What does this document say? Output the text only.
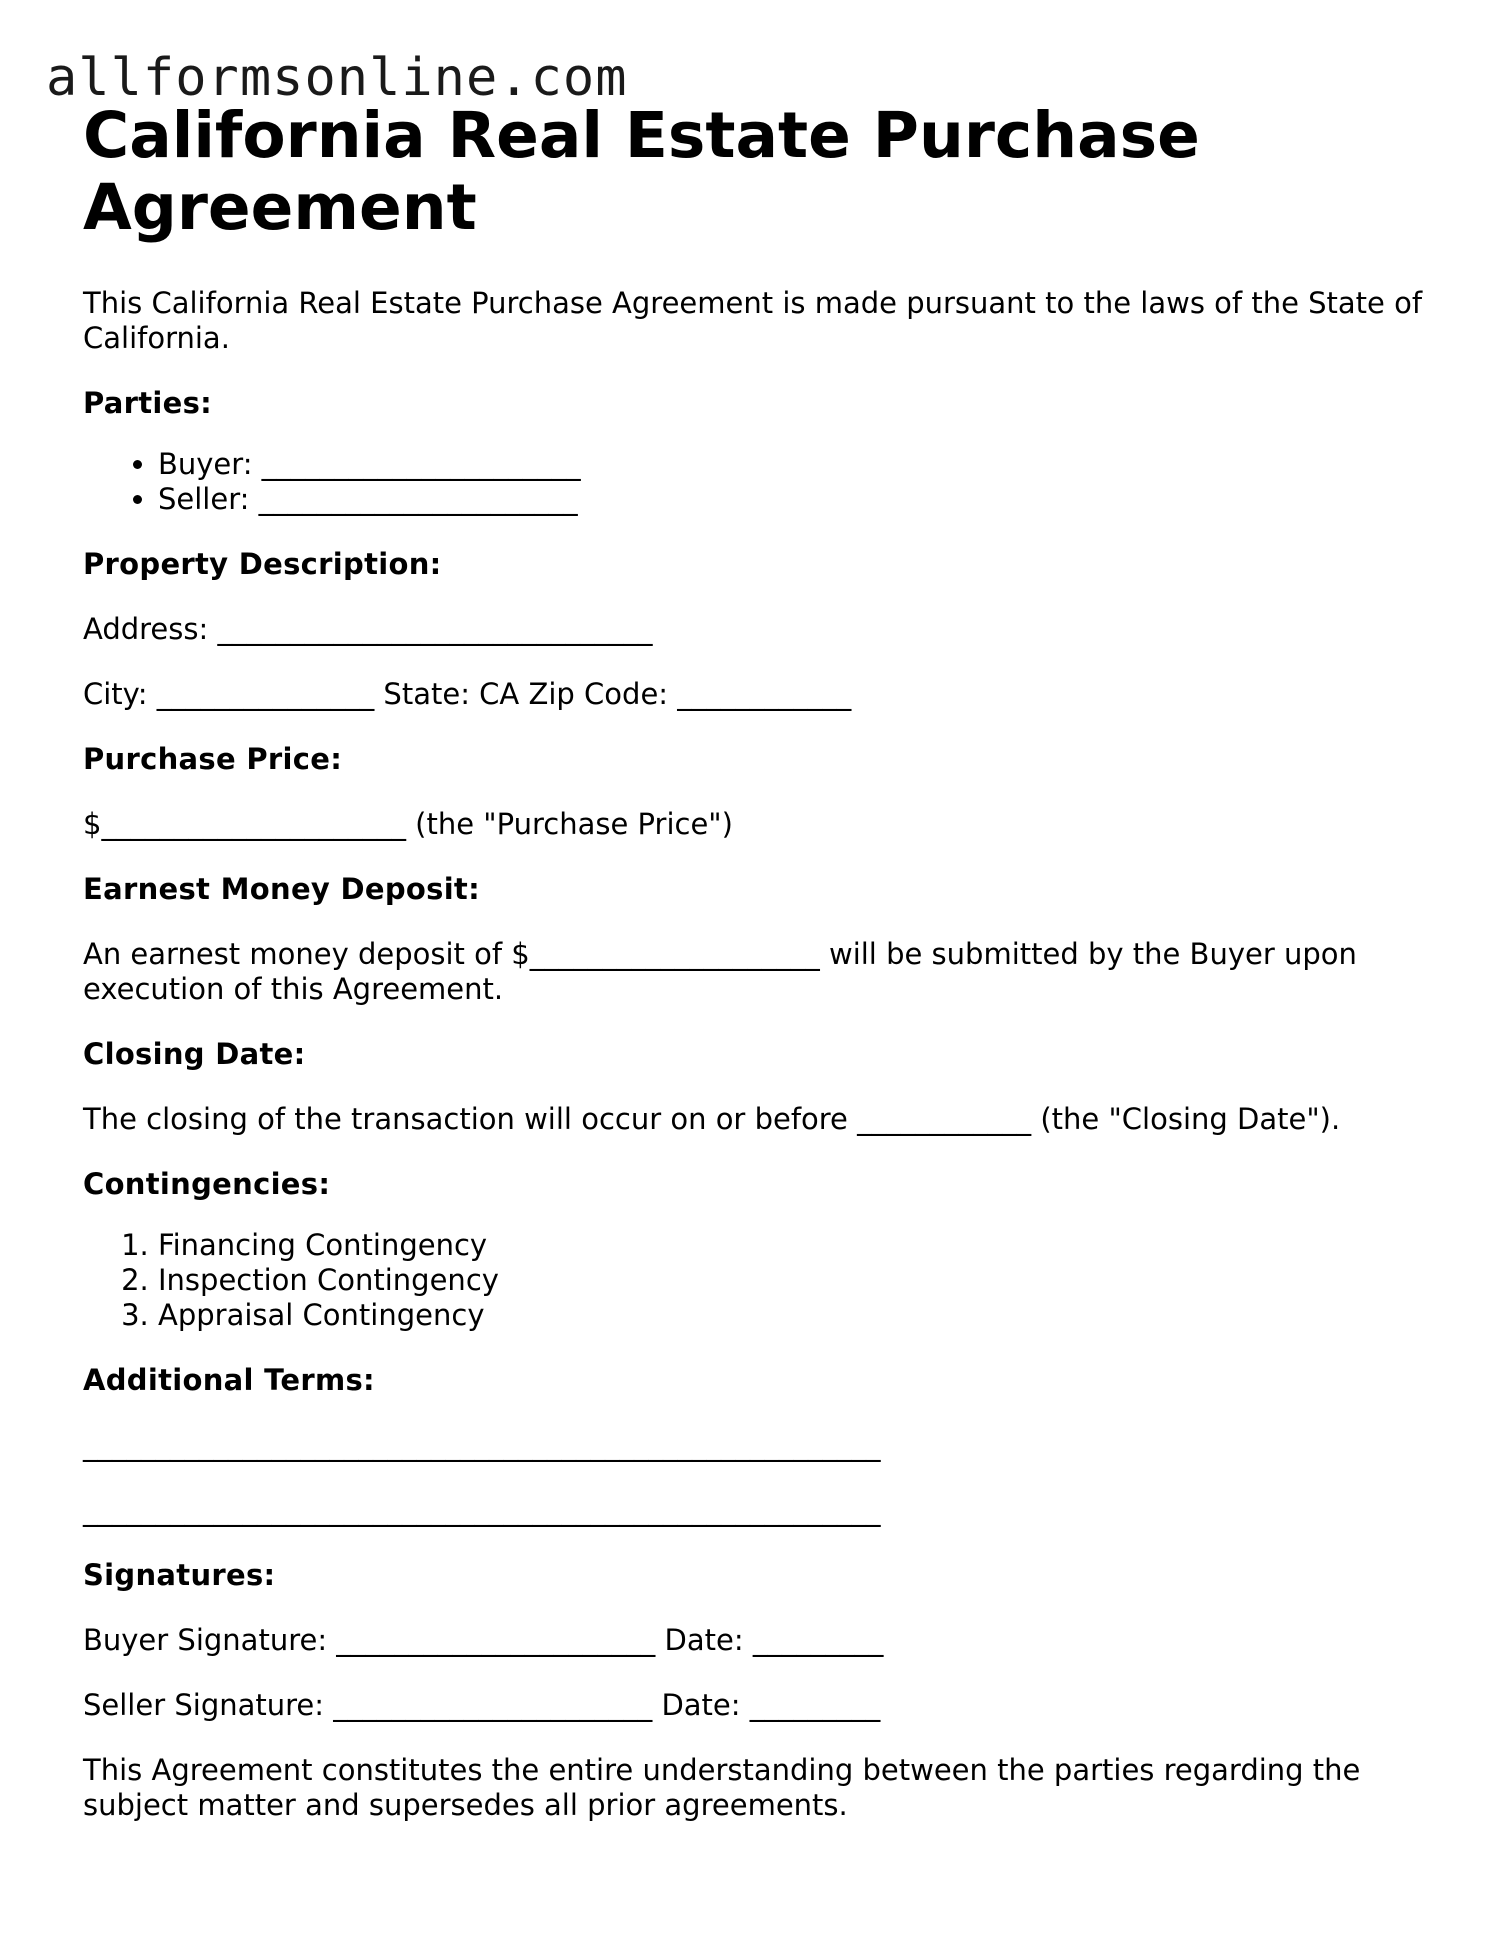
allformsonline.com
California Real Estate Purchase Agreement

This California Real Estate Purchase Agreement is made pursuant to the laws of the State of California.

Parties:
• Buyer: ______________________
• Seller: ______________________
Property Description:

Address: ______________________________

City: _______________ State: CA Zip Code: ____________

Purchase Price:

$_____________________ (the "Purchase Price")

Earnest Money Deposit:

An earnest money deposit of $____________________ will be submitted by the Buyer upon execution of this Agreement.

Closing Date:

The closing of the transaction will occur on or before ____________ (the "Closing Date").

Contingencies:
1. Financing Contingency
2. Inspection Contingency
3. Appraisal Contingency
Additional Terms:

_______________________________________________________

_______________________________________________________

Signatures:

Buyer Signature: ______________________ Date: _________

Seller Signature: ______________________ Date: _________

This Agreement constitutes the entire understanding between the parties regarding the subject matter and supersedes all prior agreements.
